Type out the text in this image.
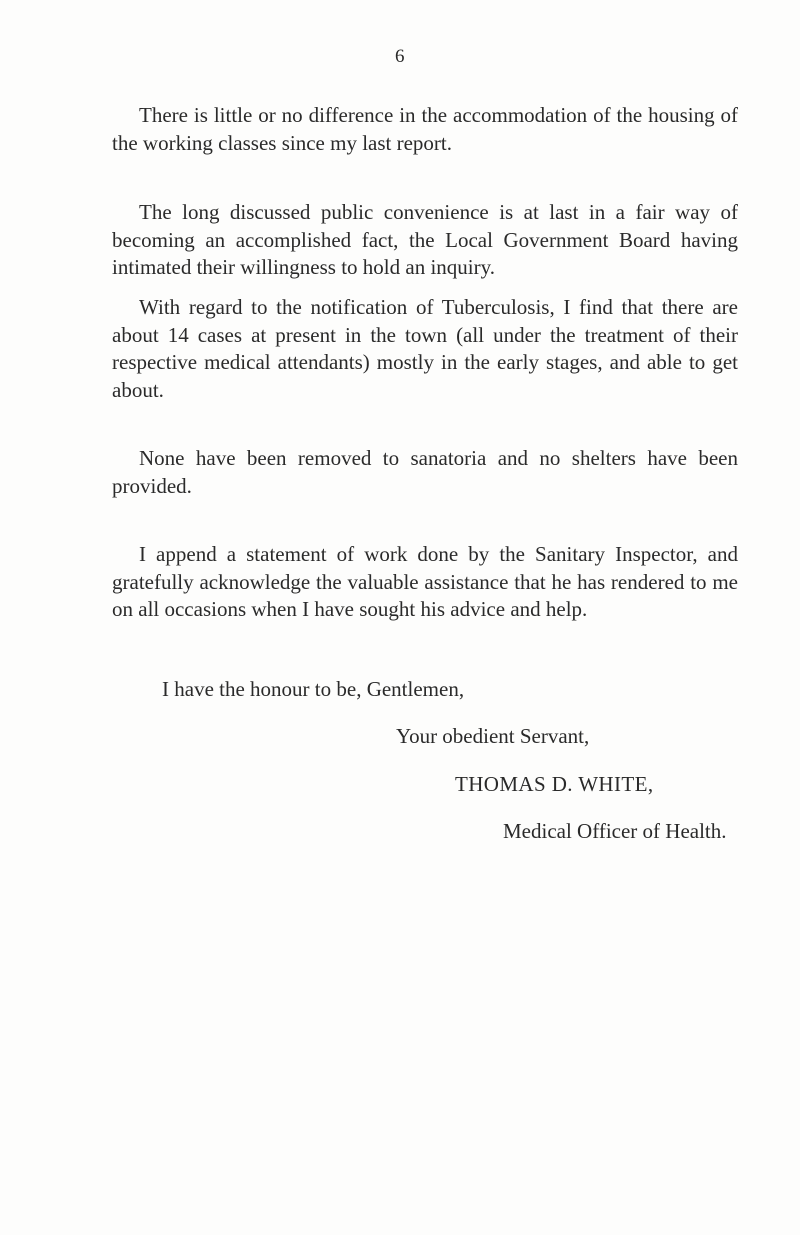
6

There is little or no difference in the accommodation of the housing of the working classes since my last report.

The long discussed public convenience is at last in a fair way of becoming an accomplished fact, the Local Government Board having intimated their willingness to hold an inquiry.

With regard to the notification of Tuberculosis, I find that there are about 14 cases at present in the town (all under the treatment of their respective medical attendants) mostly in the early stages, and able to get about.

None have been removed to sanatoria and no shelters have been provided.

I append a statement of work done by the Sanitary Inspector, and gratefully acknowledge the valuable assistance that he has rendered to me on all occasions when I have sought his advice and help.

I have the honour to be, Gentlemen,
Your obedient Servant,
THOMAS D. WHITE,
Medical Officer of Health.
